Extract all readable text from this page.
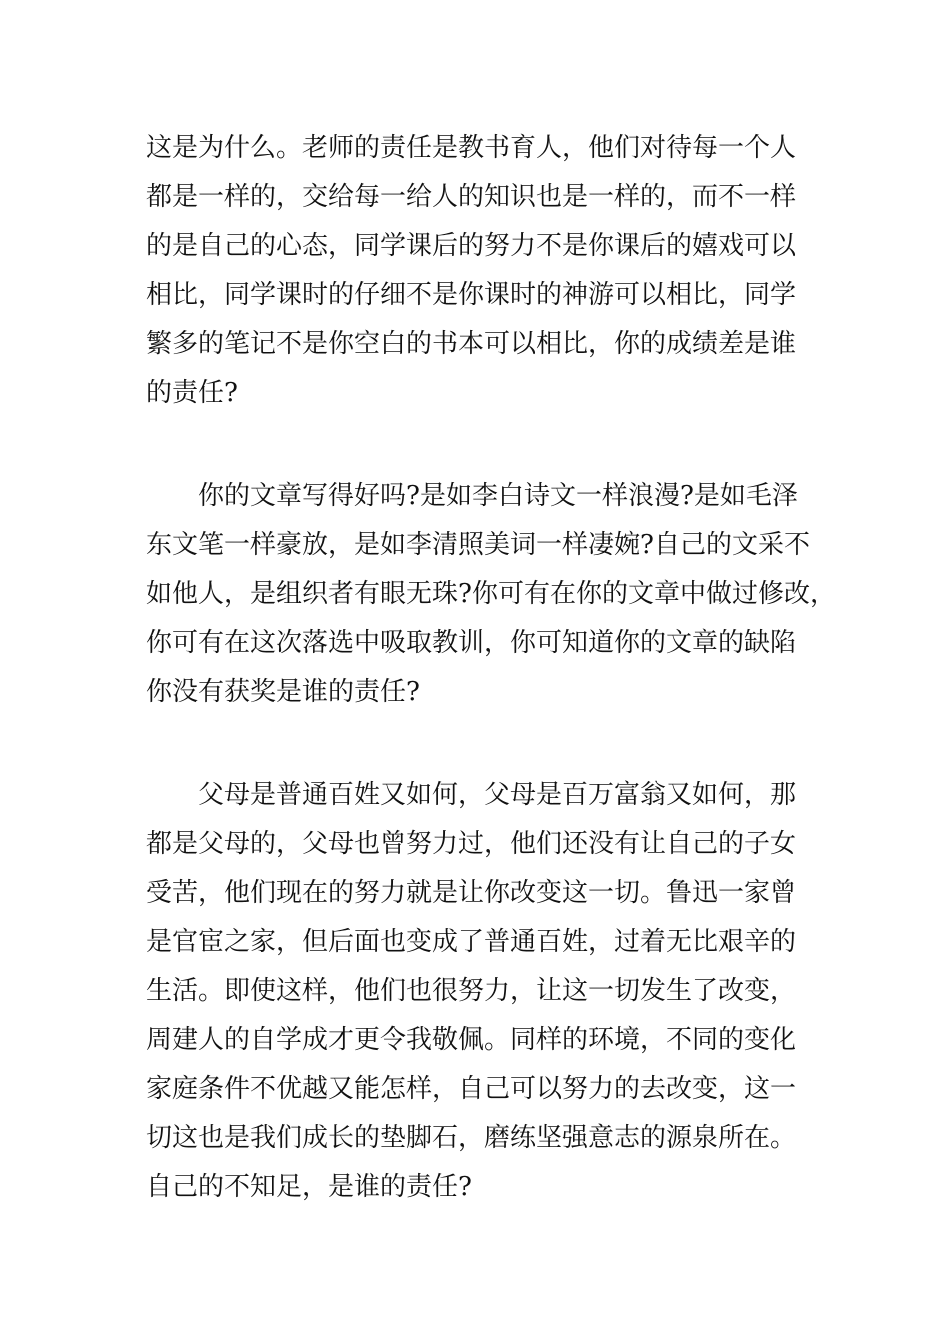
这是为什么。老师的责任是教书育人，他们对待每一个人
都是一样的，交给每一给人的知识也是一样的，而不一样
的是自己的心态，同学课后的努力不是你课后的嬉戏可以
相比，同学课时的仔细不是你课时的神游可以相比，同学
繁多的笔记不是你空白的书本可以相比，你的成绩差是谁
的责任?
　　你的文章写得好吗?是如李白诗文一样浪漫?是如毛泽
东文笔一样豪放，是如李清照美词一样凄婉?自己的文采不
如他人，是组织者有眼无珠?你可有在你的文章中做过修改，
你可有在这次落选中吸取教训，你可知道你的文章的缺陷
你没有获奖是谁的责任?
　　父母是普通百姓又如何，父母是百万富翁又如何，那
都是父母的，父母也曾努力过，他们还没有让自己的子女
受苦，他们现在的努力就是让你改变这一切。鲁迅一家曾
是官宦之家，但后面也变成了普通百姓，过着无比艰辛的
生活。即使这样，他们也很努力，让这一切发生了改变，
周建人的自学成才更令我敬佩。同样的环境，不同的变化
家庭条件不优越又能怎样，自己可以努力的去改变，这一
切这也是我们成长的垫脚石，磨练坚强意志的源泉所在。
自己的不知足，是谁的责任?
